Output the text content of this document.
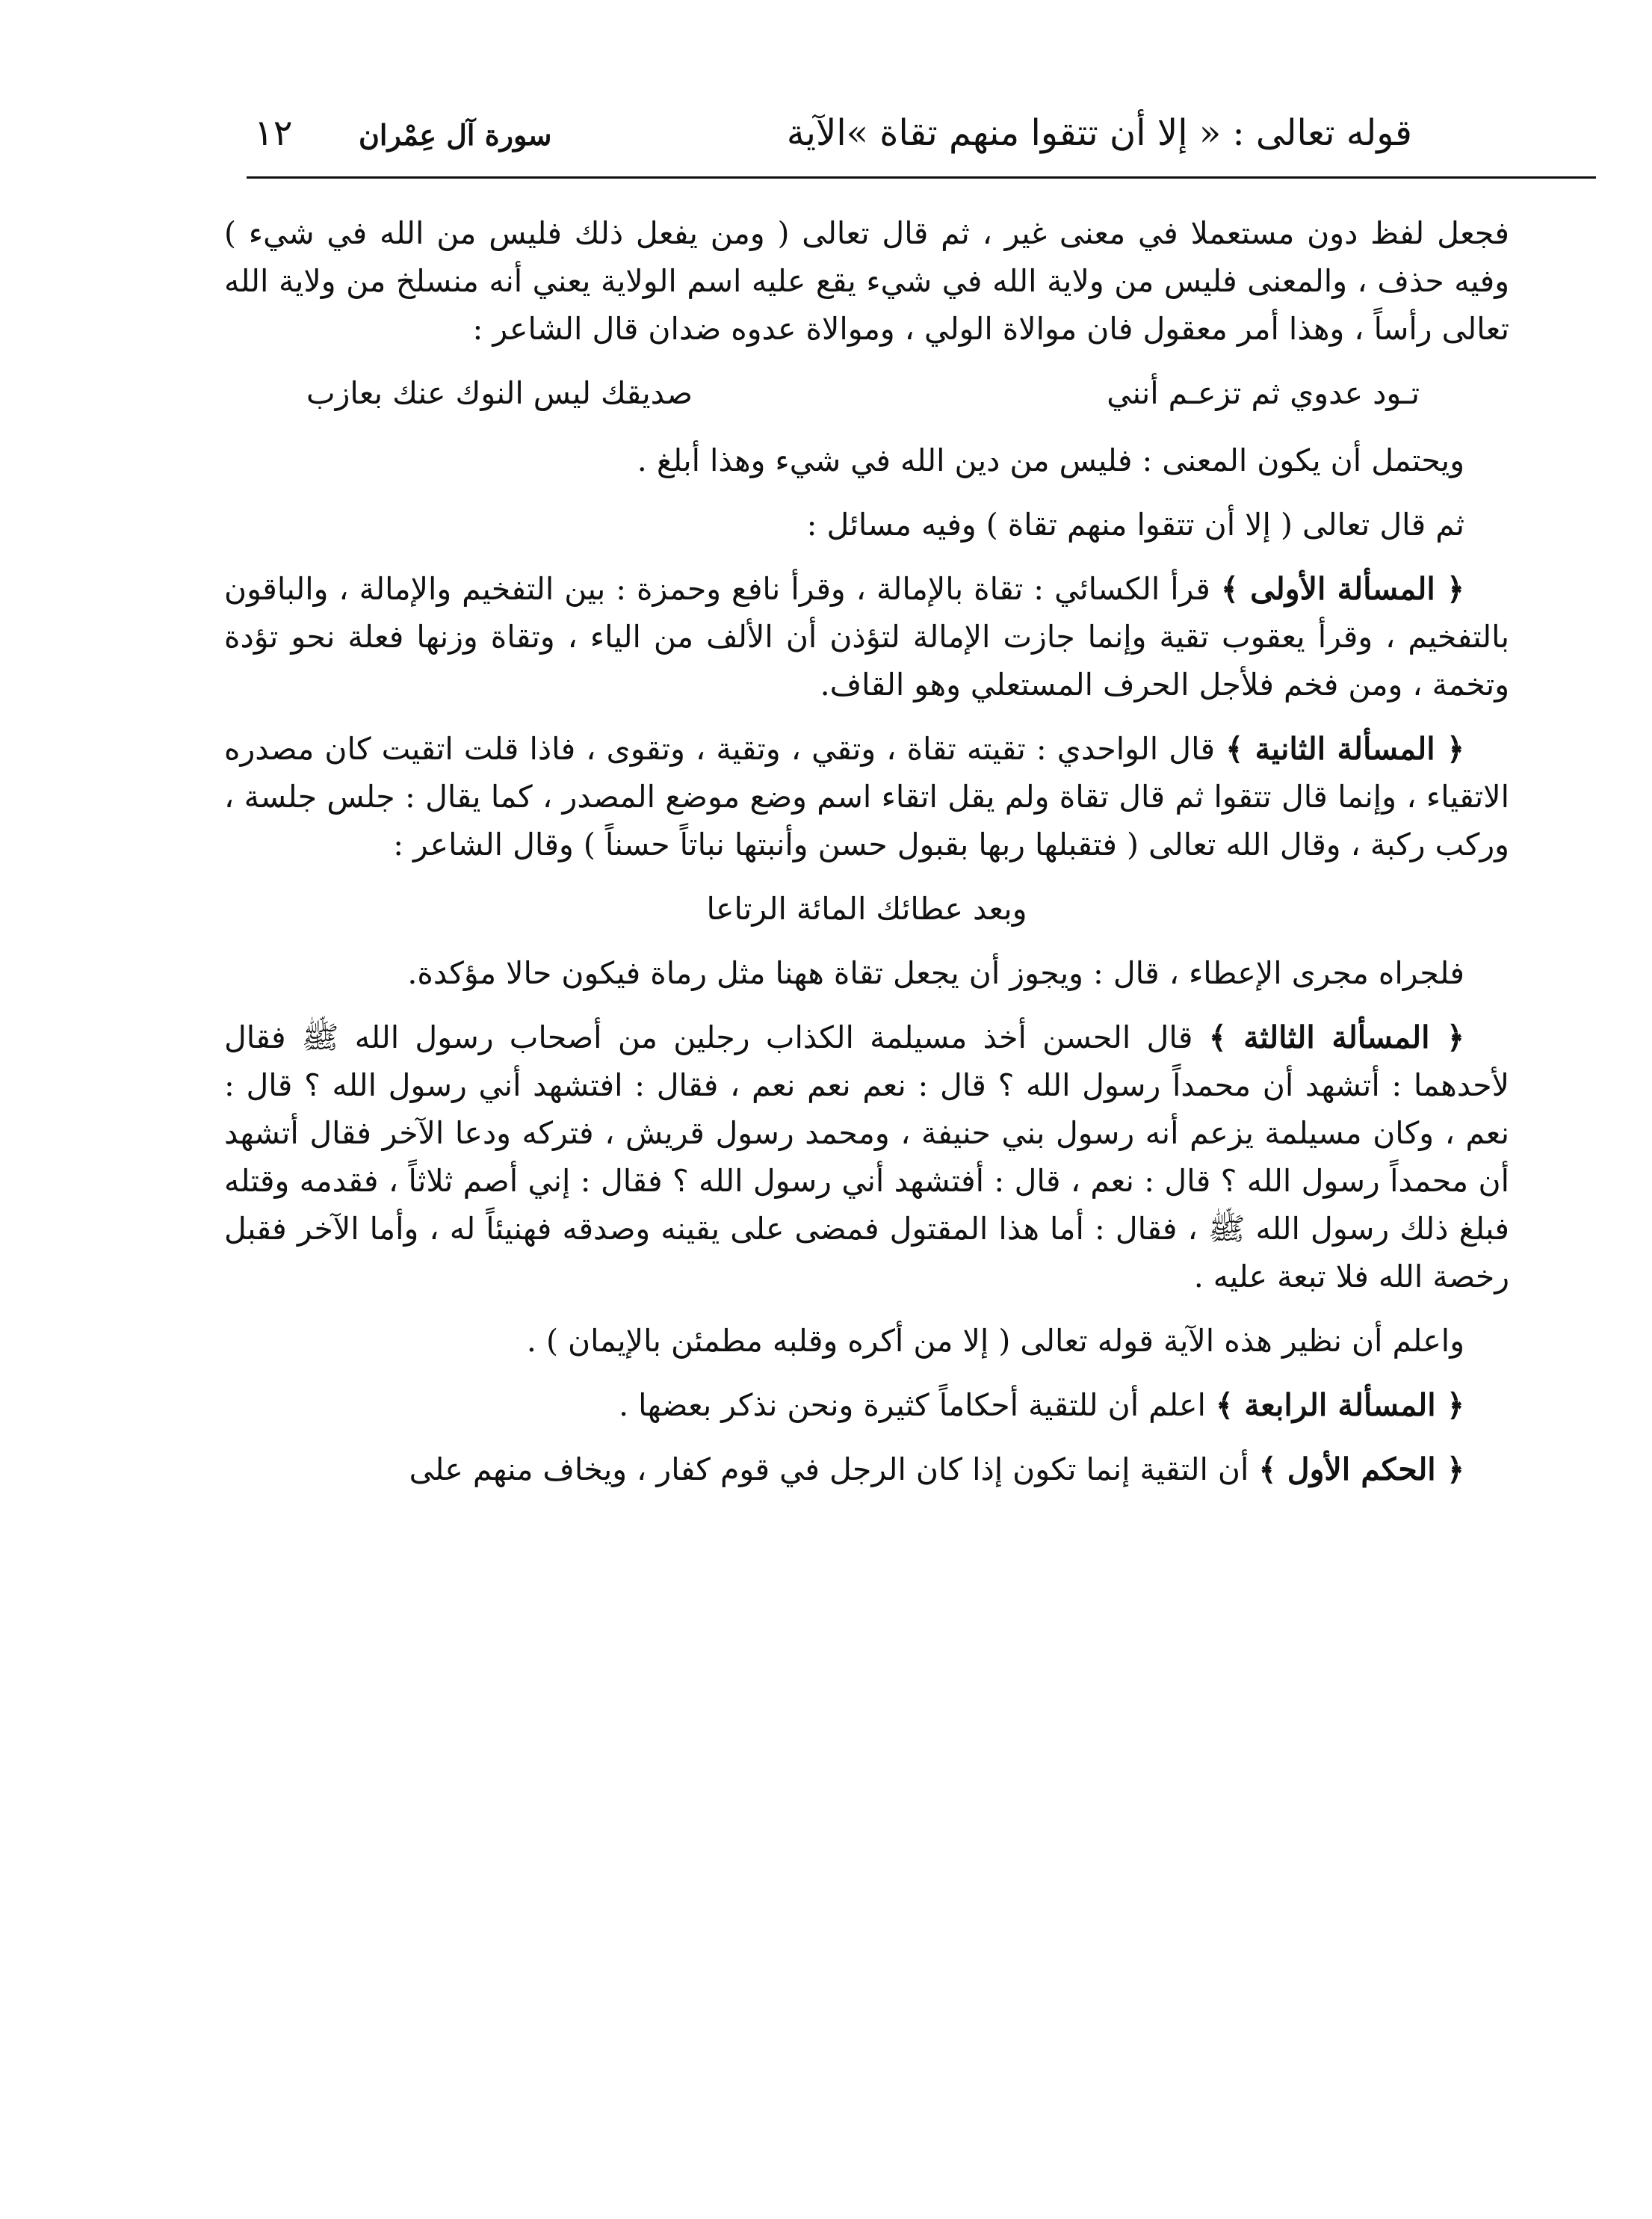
قوله تعالى : « إلا أن تتقوا منهم تقاة »الآية
سورة آل عِمْران
١٢

فجعل لفظ دون مستعملا في معنى غير ، ثم قال تعالى ( ومن يفعل ذلك فليس من الله في شيء ) وفيه حذف ، والمعنى فليس من ولاية الله في شيء يقع عليه اسم الولاية يعني أنه منسلخ من ولاية الله تعالى رأساً ، وهذا أمر معقول فان موالاة الولي ، وموالاة عدوه ضدان قال الشاعر :

تـود عدوي ثم تزعـم أنني
صديقك ليس النوك عنك بعازب

ويحتمل أن يكون المعنى : فليس من دين الله في شيء وهذا أبلغ .

ثم قال تعالى ( إلا أن تتقوا منهم تقاة ) وفيه مسائل :

﴿ المسألة الأولى ﴾ قرأ الكسائي : تقاة بالإمالة ، وقرأ نافع وحمزة : بين التفخيم والإمالة ، والباقون بالتفخيم ، وقرأ يعقوب تقية وإنما جازت الإمالة لتؤذن أن الألف من الياء ، وتقاة وزنها فعلة نحو تؤدة وتخمة ، ومن فخم فلأجل الحرف المستعلي وهو القاف.

﴿ المسألة الثانية ﴾ قال الواحدي : تقيته تقاة ، وتقي ، وتقية ، وتقوى ، فاذا قلت اتقيت كان مصدره الاتقياء ، وإنما قال تتقوا ثم قال تقاة ولم يقل اتقاء اسم وضع موضع المصدر ، كما يقال : جلس جلسة ، وركب ركبة ، وقال الله تعالى ( فتقبلها ربها بقبول حسن وأنبتها نباتاً حسناً ) وقال الشاعر :

وبعد عطائك المائة الرتاعا

فلجراه مجرى الإعطاء ، قال : ويجوز أن يجعل تقاة ههنا مثل رماة فيكون حالا مؤكدة.

﴿ المسألة الثالثة ﴾ قال الحسن أخذ مسيلمة الكذاب رجلين من أصحاب رسول الله ﷺ فقال لأحدهما : أتشهد أن محمداً رسول الله ؟ قال : نعم نعم نعم ، فقال : افتشهد أني رسول الله ؟ قال : نعم ، وكان مسيلمة يزعم أنه رسول بني حنيفة ، ومحمد رسول قريش ، فتركه ودعا الآخر فقال أتشهد أن محمداً رسول الله ؟ قال : نعم ، قال : أفتشهد أني رسول الله ؟ فقال : إني أصم ثلاثاً ، فقدمه وقتله فبلغ ذلك رسول الله ﷺ ، فقال : أما هذا المقتول فمضى على يقينه وصدقه فهنيئاً له ، وأما الآخر فقبل رخصة الله فلا تبعة عليه .

واعلم أن نظير هذه الآية قوله تعالى ( إلا من أكره وقلبه مطمئن بالإيمان ) .

﴿ المسألة الرابعة ﴾ اعلم أن للتقية أحكاماً كثيرة ونحن نذكر بعضها .

﴿ الحكم الأول ﴾ أن التقية إنما تكون إذا كان الرجل في قوم كفار ، ويخاف منهم على
